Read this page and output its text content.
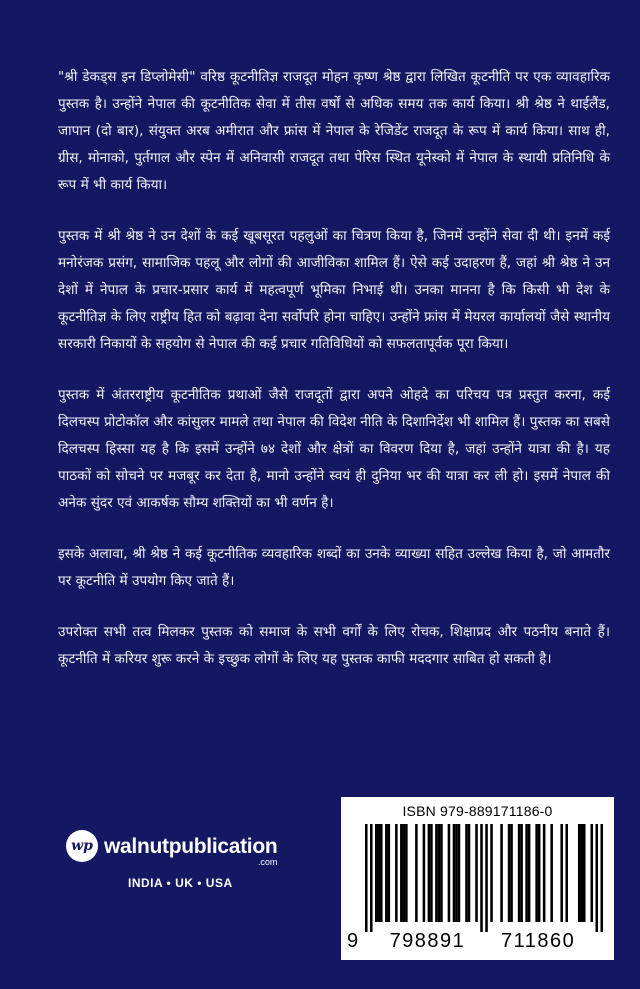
"श्री डेकड्स इन डिप्लोमेसी" वरिष्ठ कूटनीतिज्ञ राजदूत मोहन कृष्ण श्रेष्ठ द्वारा लिखित कूटनीति पर एक व्यावहारिक पुस्तक है। उन्होंने नेपाल की कूटनीतिक सेवा में तीस वर्षों से अधिक समय तक कार्य किया। श्री श्रेष्ठ ने थाईलैंड, जापान (दो बार), संयुक्त अरब अमीरात और फ्रांस में नेपाल के रेजिडेंट राजदूत के रूप में कार्य किया। साथ ही, ग्रीस, मोनाको, पुर्तगाल और स्पेन में अनिवासी राजदूत तथा पेरिस स्थित यूनेस्को में नेपाल के स्थायी प्रतिनिधि के रूप में भी कार्य किया।

पुस्तक में श्री श्रेष्ठ ने उन देशों के कई खूबसूरत पहलुओं का चित्रण किया है, जिनमें उन्होंने सेवा दी थी। इनमें कई मनोरंजक प्रसंग, सामाजिक पहलू और लोगों की आजीविका शामिल हैं। ऐसे कई उदाहरण हैं, जहां श्री श्रेष्ठ ने उन देशों में नेपाल के प्रचार-प्रसार कार्य में महत्वपूर्ण भूमिका निभाई थी। उनका मानना है कि किसी भी देश के कूटनीतिज्ञ के लिए राष्ट्रीय हित को बढ़ावा देना सर्वोपरि होना चाहिए। उन्होंने फ्रांस में मेयरल कार्यालयों जैसे स्थानीय सरकारी निकायों के सहयोग से नेपाल की कई प्रचार गतिविधियों को सफलतापूर्वक पूरा किया।

पुस्तक में अंतरराष्ट्रीय कूटनीतिक प्रथाओं जैसे राजदूतों द्वारा अपने ओहदे का परिचय पत्र प्रस्तुत करना, कई दिलचस्प प्रोटोकॉल और कांसुलर मामले तथा नेपाल की विदेश नीति के दिशानिर्देश भी शामिल हैं। पुस्तक का सबसे दिलचस्प हिस्सा यह है कि इसमें उन्होंने ७४ देशों और क्षेत्रों का विवरण दिया है, जहां उन्होंने यात्रा की है। यह पाठकों को सोचने पर मजबूर कर देता है, मानो उन्होंने स्वयं ही दुनिया भर की यात्रा कर ली हो। इसमें नेपाल की अनेक सुंदर एवं आकर्षक सौम्य शक्तियों का भी वर्णन है।

इसके अलावा, श्री श्रेष्ठ ने कई कूटनीतिक व्यवहारिक शब्दों का उनके व्याख्या सहित उल्लेख किया है, जो आमतौर पर कूटनीति में उपयोग किए जाते हैं।

उपरोक्त सभी तत्व मिलकर पुस्तक को समाज के सभी वर्गों के लिए रोचक, शिक्षाप्रद और पठनीय बनाते हैं। कूटनीति में करियर शुरू करने के इच्छुक लोगों के लिए यह पुस्तक काफी मददगार साबित हो सकती है।

wp walnutpublication
.com
INDIA • UK • USA
ISBN 979-889171186-0
9 798891	711860
